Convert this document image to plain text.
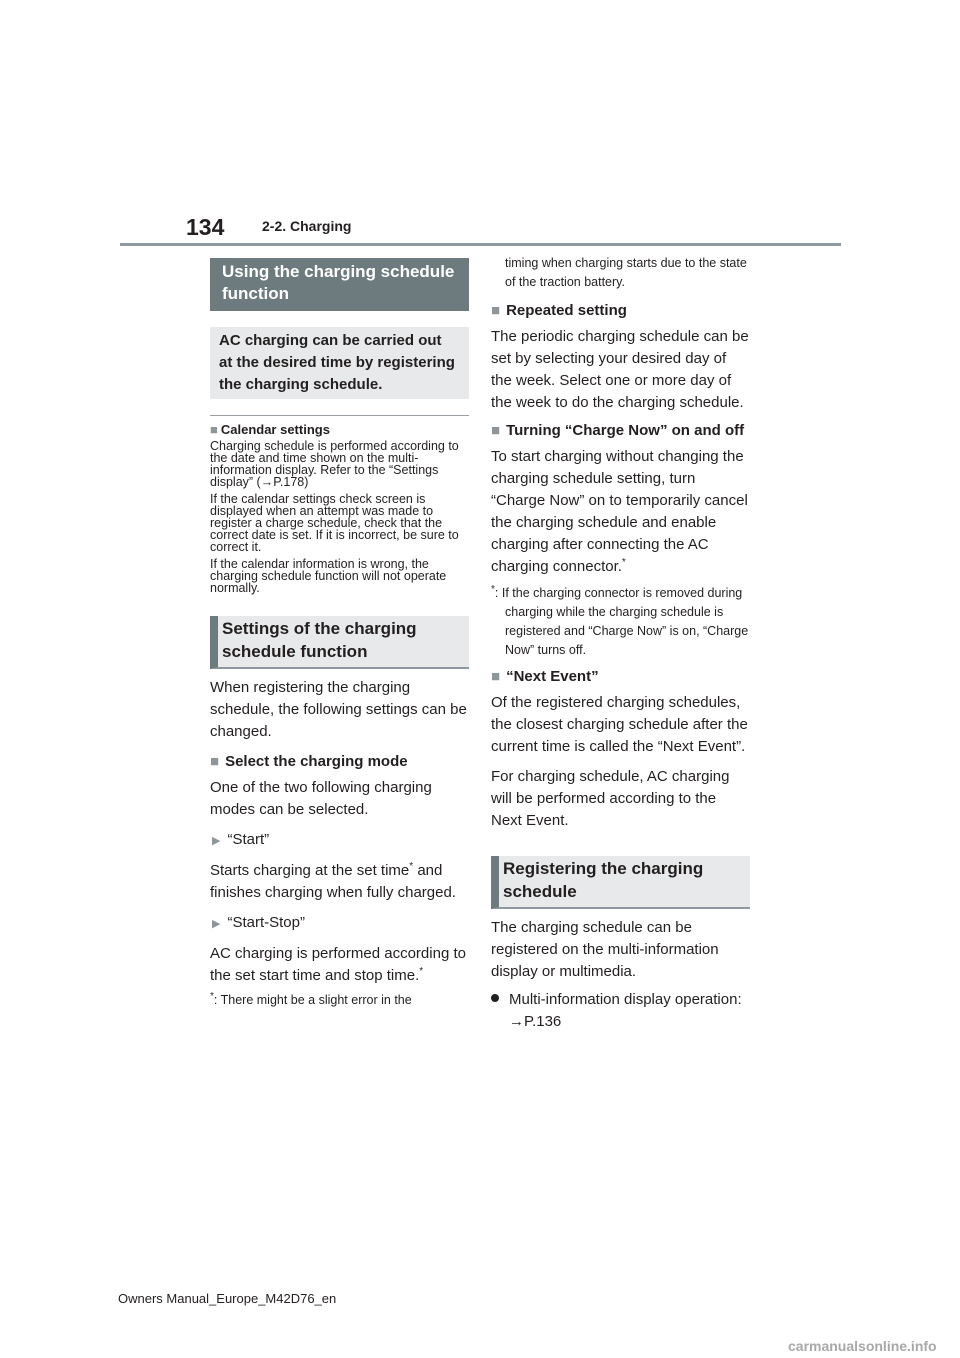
134	2-2. Charging
Using the charging schedule function
AC charging can be carried out at the desired time by registering the charging schedule.
■ Calendar settings
Charging schedule is performed according to the date and time shown on the multi-information display. Refer to the “Settings display” (→P.178)
If the calendar settings check screen is displayed when an attempt was made to register a charge schedule, check that the correct date is set. If it is incorrect, be sure to correct it.
If the calendar information is wrong, the charging schedule function will not operate normally.
Settings of the charging schedule function
When registering the charging schedule, the following settings can be changed.
■ Select the charging mode
One of the two following charging modes can be selected.
▶ “Start”
Starts charging at the set time* and finishes charging when fully charged.
▶ “Start-Stop”
AC charging is performed according to the set start time and stop time.*
*: There might be a slight error in the
timing when charging starts due to the state of the traction battery.
■ Repeated setting
The periodic charging schedule can be set by selecting your desired day of the week. Select one or more day of the week to do the charging schedule.
■ Turning “Charge Now” on and off
To start charging without changing the charging schedule setting, turn “Charge Now” on to temporarily cancel the charging schedule and enable charging after connecting the AC charging connector.*
*: If the charging connector is removed during charging while the charging schedule is registered and “Charge Now” is on, “Charge Now” turns off.
■ “Next Event”
Of the registered charging schedules, the closest charging schedule after the current time is called the “Next Event”.
For charging schedule, AC charging will be performed according to the Next Event.
Registering the charging schedule
The charging schedule can be registered on the multi-information display or multimedia.
Multi-information display operation: →P.136
Owners Manual_Europe_M42D76_en
carmanualsonline.info
